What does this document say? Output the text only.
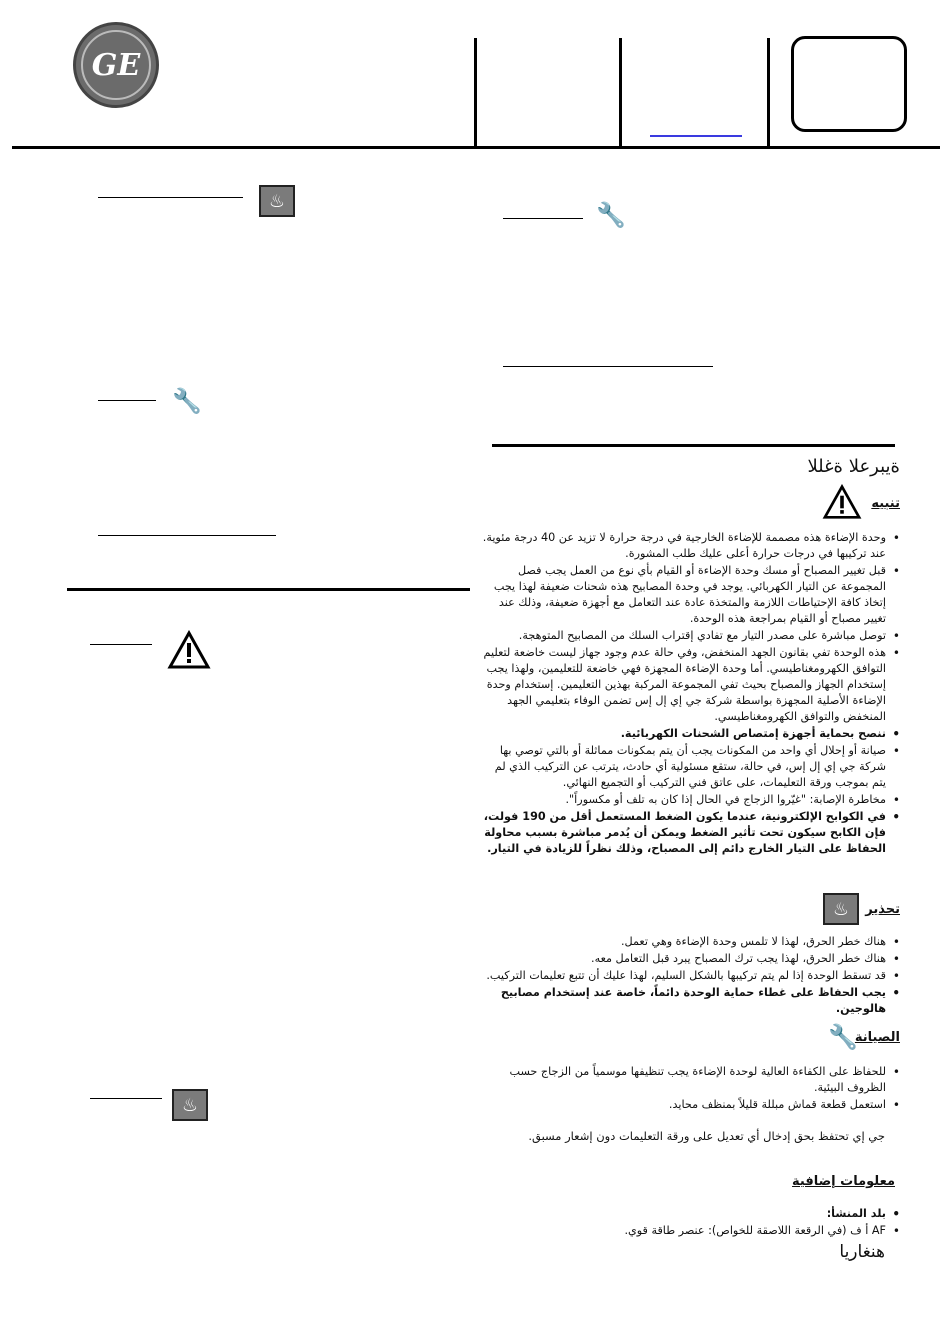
GE
♨
🔧
♨
🔧
ةيبرعلا ةغللا
تنبيه
• وحدة الإضاءة هذه مصممة للإضاءة الخارجية في درجة حرارة لا تزيد عن 40 درجة مئوية.
عند تركيبها في درجات حرارة أعلى عليك طلب المشورة.
• قبل تغيير المصباح أو مسك وحدة الإضاءة أو القيام بأي نوع من العمل يجب فصل المجموعة عن التيار الكهربائي. يوجد في وحدة المصابيح هذه شحنات ضعيفة لهذا يجب إتخاذ كافة الإحتياطات اللازمة والمتخذة عادة عند التعامل مع أجهزة ضعيفة، وذلك عند تغيير مصباح أو القيام بمراجعة هذه الوحدة.
• توصل مباشرة على مصدر التيار مع تفادي إقتراب السلك من المصابيح المتوهجة.
• هذه الوحدة تفي بقانون الجهد المنخفض، وفي حالة عدم وجود جهاز ليست خاضعة لتعليم التوافق الكهرومغناطيسي. أما وحدة الإضاءة المجهزة فهي خاضعة للتعليمين، ولهذا يجب إستخدام الجهاز والمصباح بحيث تفي المجموعة المركبة بهذين التعليمين. إستخدام وحدة الإضاءة الأصلية المجهزة بواسطة شركة جي إي إل إس تضمن الوفاء بتعليمي الجهد المنخفض والتوافق الكهرومغناطيسي.
• ننصح بحماية أجهزة إمتصاص الشحنات الكهربائية.
• صيانة أو إحلال أي واحد من المكونات يجب أن يتم بمكونات مماثلة أو بالتي توصي بها شركة جي إي إل إس، في حالة، ستقع مسئولية أي حادث، يترتب عن التركيب الذي لم يتم بموجب ورقة التعليمات، على عاتق فني التركيب أو التجميع النهائي.
• مخاطرة الإصابة: "غيّروا الزجاج في الحال إذا كان به تلف أو مكسوراً".
• في الكوابح الإلكترونية، عندما يكون الضغط المستعمل أقل من 190 فولت، فإن الكابح سيكون تحت تأثير الضغط ويمكن أن يُدمر مباشرة بسبب محاولة الحفاظ على التيار الخارج دائم إلى المصباح، وذلك نظراً للزيادة في التيار.
♨	تحذير
• هناك خطر الحرق، لهذا لا تلمس وحدة الإضاءة وهي تعمل.
• هناك خطر الحرق، لهذا يجب ترك المصباح يبرد قبل التعامل معه.
• قد تسقط الوحدة إذا لم يتم تركيبها بالشكل السليم، لهذا عليك أن تتبع تعليمات التركيب.
• يجب الحفاظ على غطاء حماية الوحدة دائماً، خاصة عند إستخدام مصابيح هالوجين.
🔧
الصيانة
• للحفاظ على الكفاءة العالية لوحدة الإضاءة يجب تنظيفها موسمياً من الزجاج حسب الظروف البيئية.
• استعمل قطعة قماش مبللة قليلاً بمنظف محايد.
جي إي تحتفظ بحق إدخال أي تعديل على ورقة التعليمات دون إشعار مسبق.
معلومات إضافية
• بلد المنشأ:
• AF أ ف (في الرقعة اللاصقة للخواص): عنصر طاقة قوي.
هنغاريا
